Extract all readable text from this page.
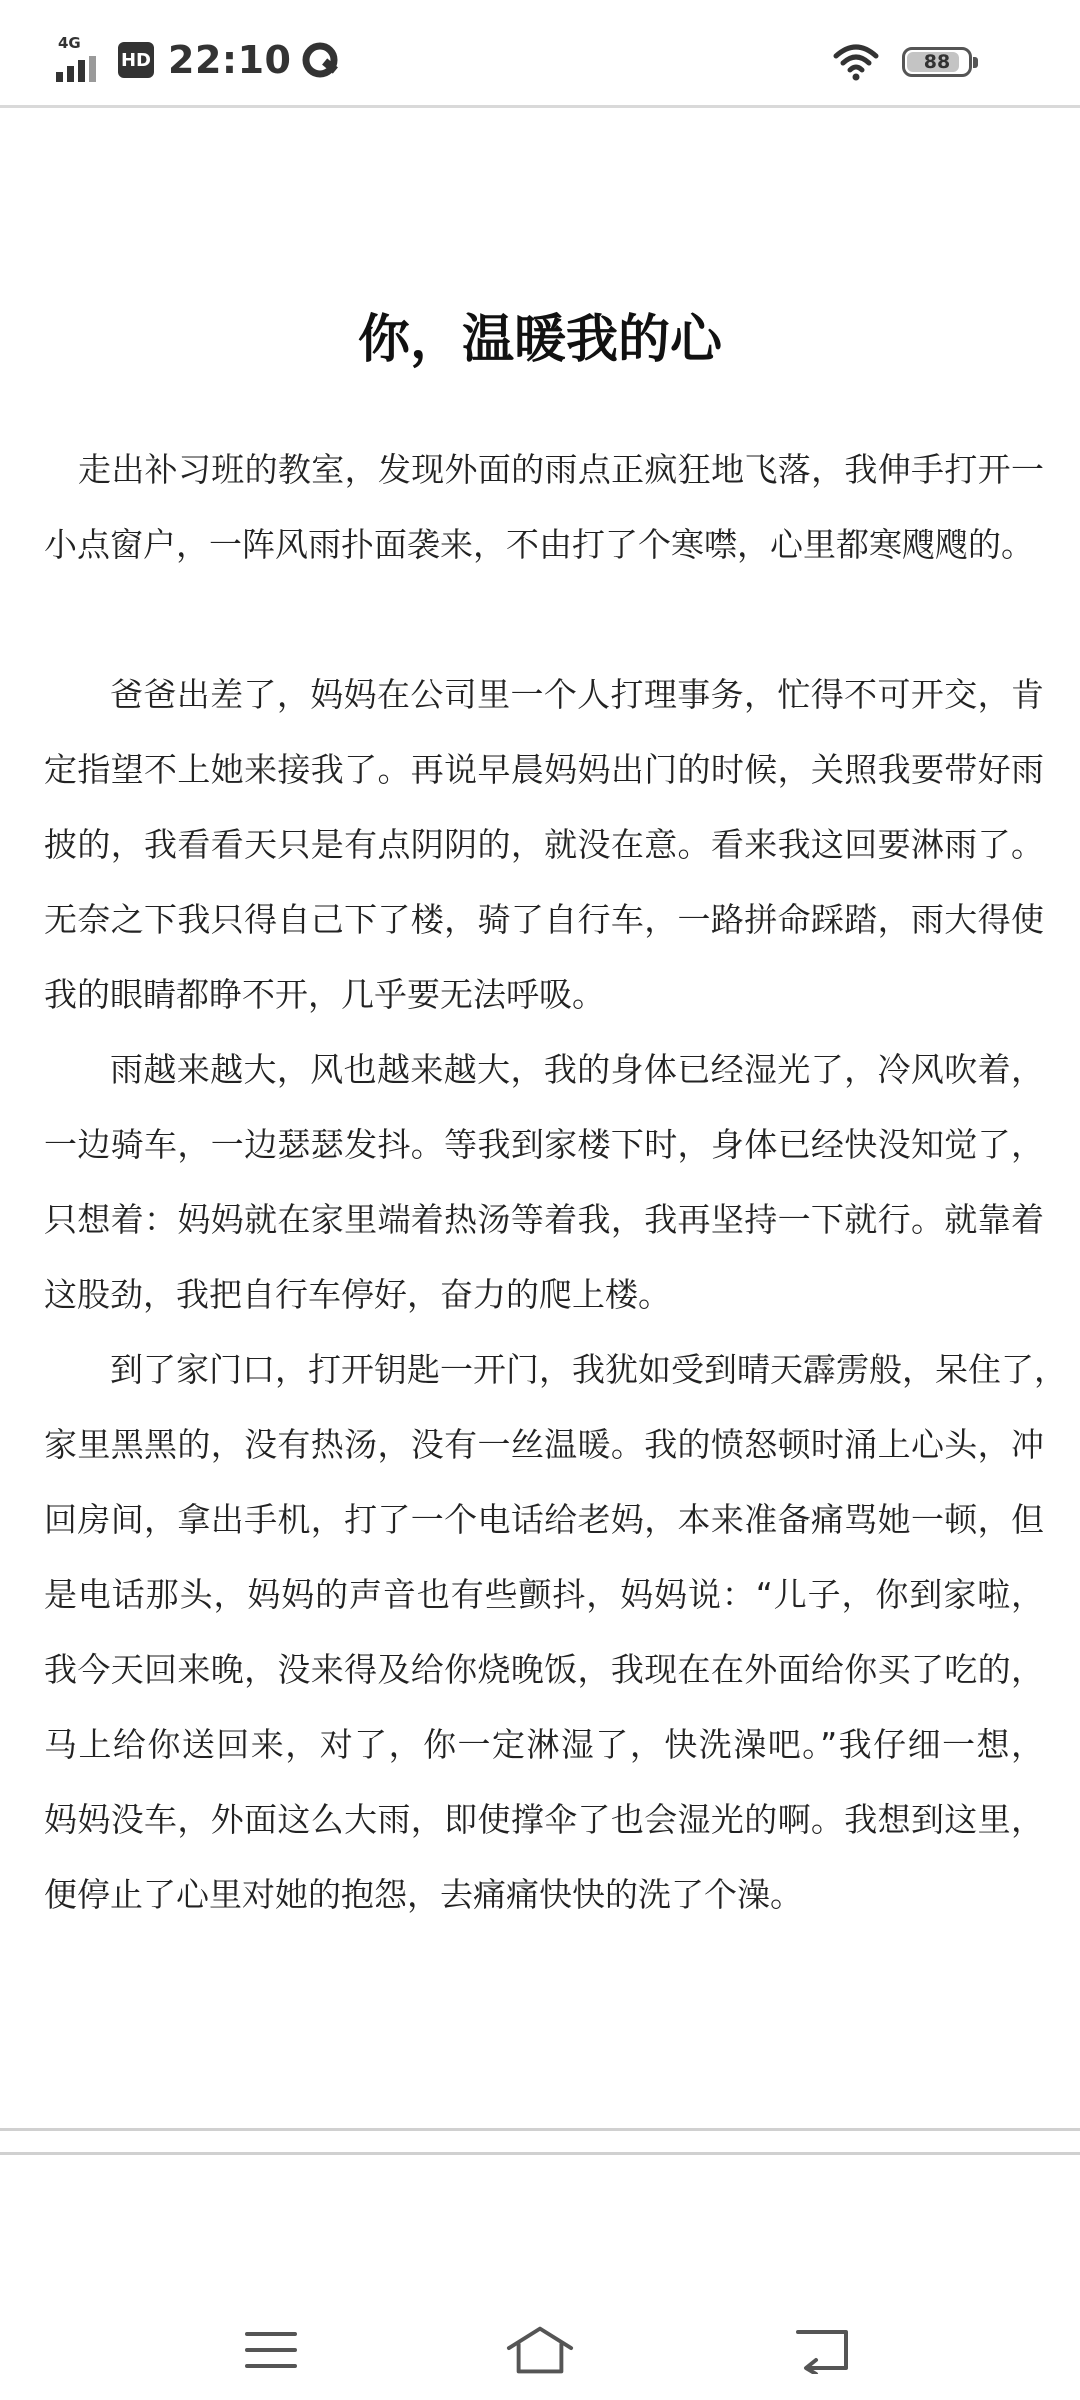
4G
HD 22:10	88
你，温暖我的心

走出补习班的教室，发现外面的雨点正疯狂地飞落，我伸手打开一
小点窗户，一阵风雨扑面袭来，不由打了个寒噤，心里都寒飕飕的。

爸爸出差了，妈妈在公司里一个人打理事务，忙得不可开交，肯
定指望不上她来接我了。再说早晨妈妈出门的时候，关照我要带好雨
披的，我看看天只是有点阴阴的，就没在意。看来我这回要淋雨了。
无奈之下我只得自己下了楼，骑了自行车，一路拼命踩踏，雨大得使
我的眼睛都睁不开，几乎要无法呼吸。

雨越来越大，风也越来越大，我的身体已经湿光了，冷风吹着，
一边骑车，一边瑟瑟发抖。等我到家楼下时，身体已经快没知觉了，
只想着：妈妈就在家里端着热汤等着我，我再坚持一下就行。就靠着
这股劲，我把自行车停好，奋力的爬上楼。

到了家门口，打开钥匙一开门，我犹如受到晴天霹雳般，呆住了，
家里黑黑的，没有热汤，没有一丝温暖。我的愤怒顿时涌上心头，冲
回房间，拿出手机，打了一个电话给老妈，本来准备痛骂她一顿，但
是电话那头，妈妈的声音也有些颤抖，妈妈说：“儿子，你到家啦，
我今天回来晚，没来得及给你烧晚饭，我现在在外面给你买了吃的，
马上给你送回来，对了，你一定淋湿了，快洗澡吧。”我仔细一想，
妈妈没车，外面这么大雨，即使撑伞了也会湿光的啊。我想到这里，
便停止了心里对她的抱怨，去痛痛快快的洗了个澡。
